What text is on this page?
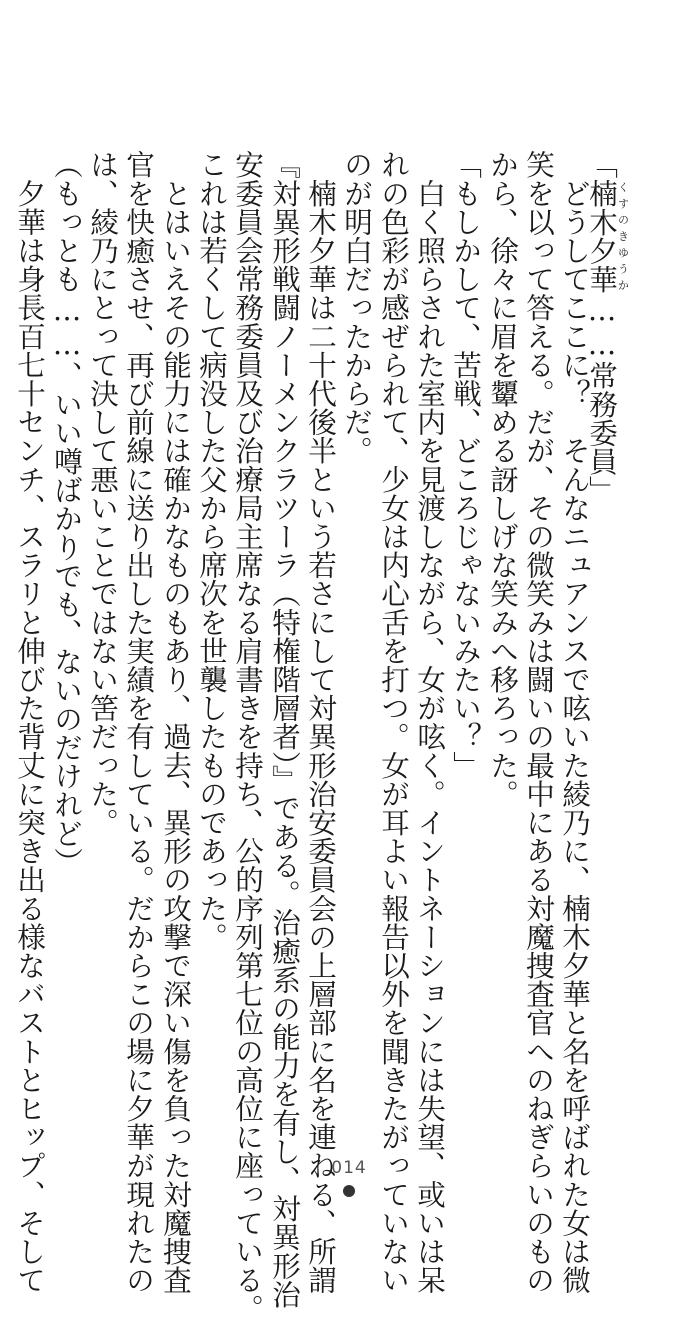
「楠木夕華くすのきゆうか……常務委員」
　どうしてここに？　そんなニュアンスで呟いた綾乃に、楠木夕華と名を呼ばれた女は微
笑を以って答える。だが、その微笑みは闘いの最中にある対魔捜査官へのねぎらいのもの
から、徐々に眉を顰める訝しげな笑みへ移ろった。
「もしかして、苦戦、どころじゃないみたい？」
　白く照らされた室内を見渡しながら、女が呟く。イントネーションには失望、或いは呆
れの色彩が感ぜられて、少女は内心舌を打つ。女が耳よい報告以外を聞きたがっていない
のが明白だったからだ。
　楠木夕華は二十代後半という若さにして対異形治安委員会の上層部に名を連ねる、所謂
『対異形戦闘ノーメンクラツーラ（特権階層者）』である。治癒系の能力を有し、対異形治
安委員会常務委員及び治療局主席なる肩書きを持ち、公的序列第七位の高位に座っている。
これは若くして病没した父から席次を世襲したものであった。
　とはいえその能力には確かなものもあり、過去、異形の攻撃で深い傷を負った対魔捜査
官を快癒させ、再び前線に送り出した実績を有している。だからこの場に夕華が現れたの
は、綾乃にとって決して悪いことではない筈だった。
（もっとも……、いい噂ばかりでも、ないのだけれど）
　夕華は身長百七十センチ、スラリと伸びた背丈に突き出る様なバストとヒップ、そして	014
